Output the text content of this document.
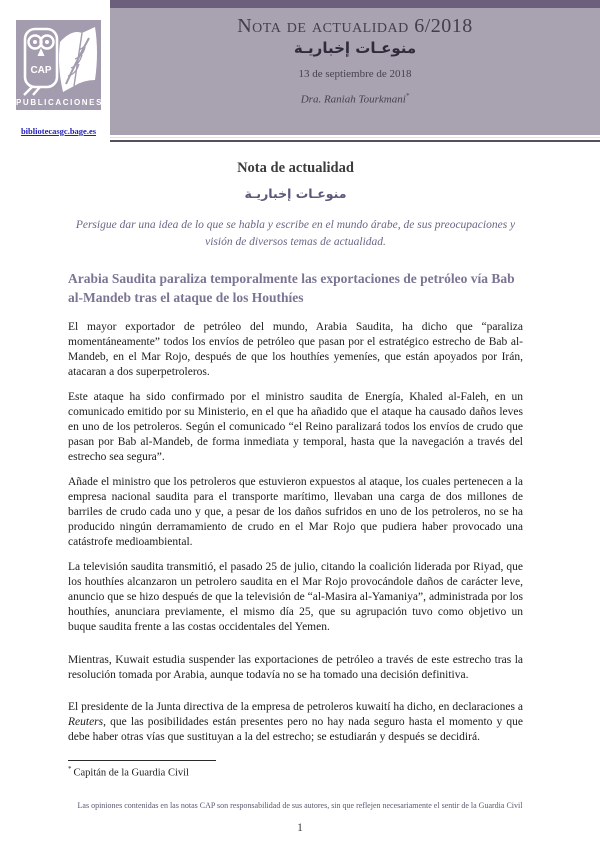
CAP
PUBLICACIONES
bibliotecasgc.bage.es
Nota de actualidad 6/2018
منوعـات إخباريـة
13 de septiembre de 2018
Dra. Raniah Tourkmani*
Nota de actualidad
منوعـات إخباريـة
Persigue dar una idea de lo que se habla y escribe en el mundo árabe, de sus preocupaciones y visión de diversos temas de actualidad.
Arabia Saudita paraliza temporalmente las exportaciones de petróleo vía Bab al-Mandeb tras el ataque de los Houthíes

El mayor exportador de petróleo del mundo, Arabia Saudita, ha dicho que “paraliza momentáneamente” todos los envíos de petróleo que pasan por el estratégico estrecho de Bab al-Mandeb, en el Mar Rojo, después de que los houthíes yemeníes, que están apoyados por Irán, atacaran a dos superpetroleros.

Este ataque ha sido confirmado por el ministro saudita de Energía, Khaled al-Faleh, en un comunicado emitido por su Ministerio, en el que ha añadido que el ataque ha causado daños leves en uno de los petroleros. Según el comunicado “el Reino paralizará todos los envíos de crudo que pasan por Bab al-Mandeb, de forma inmediata y temporal, hasta que la navegación a través del estrecho sea segura”.

Añade el ministro que los petroleros que estuvieron expuestos al ataque, los cuales pertenecen a la empresa nacional saudita para el transporte marítimo, llevaban una carga de dos millones de barriles de crudo cada uno y que, a pesar de los daños sufridos en uno de los petroleros, no se ha producido ningún derramamiento de crudo en el Mar Rojo que pudiera haber provocado una catástrofe medioambiental.

La televisión saudita transmitió, el pasado 25 de julio, citando la coalición liderada por Riyad, que los houthíes alcanzaron un petrolero saudita en el Mar Rojo provocándole daños de carácter leve, anuncio que se hizo después de que la televisión de “al-Masira al-Yamaniya”, administrada por los houthíes, anunciara previamente, el mismo día 25, que su agrupación tuvo como objetivo un buque saudita frente a las costas occidentales del Yemen.

Mientras, Kuwait estudia suspender las exportaciones de petróleo a través de este estrecho tras la resolución tomada por Arabia, aunque todavía no se ha tomado una decisión definitiva.

El presidente de la Junta directiva de la empresa de petroleros kuwaití ha dicho, en declaraciones a Reuters, que las posibilidades están presentes pero no hay nada seguro hasta el momento y que debe haber otras vías que sustituyan a la del estrecho; se estudiarán y después se decidirá.

* Capitán de la Guardia Civil
Las opiniones contenidas en las notas CAP son responsabilidad de sus autores, sin que reflejen necesariamente el sentir de la Guardia Civil
1
